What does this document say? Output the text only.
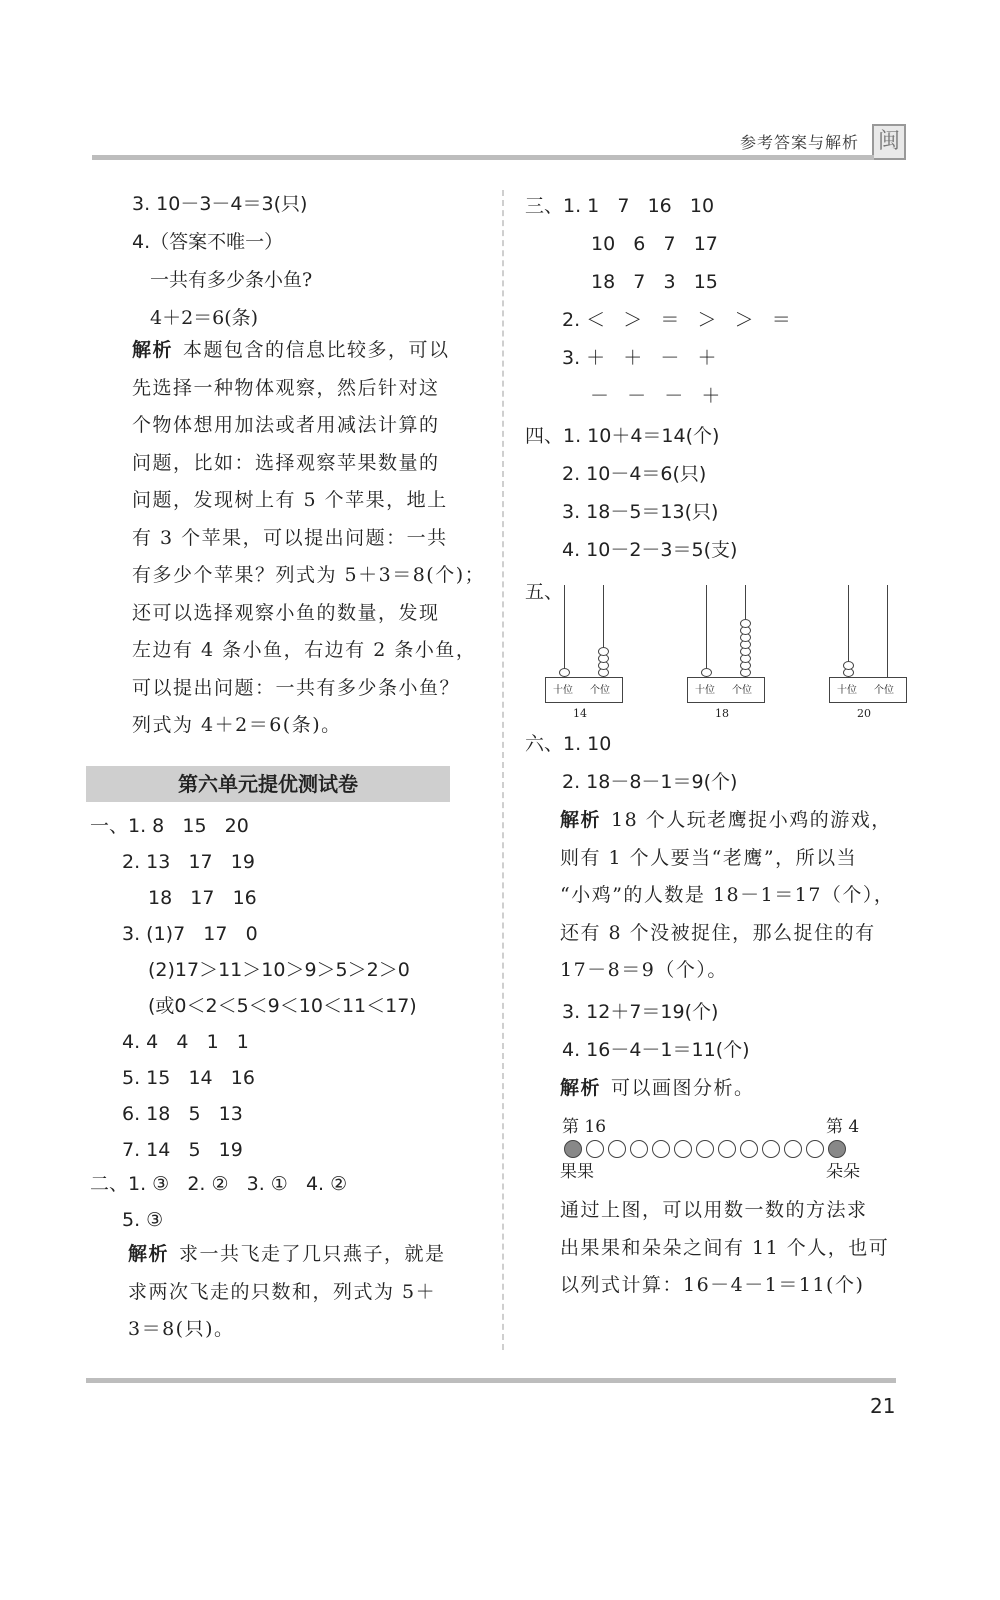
参考答案与解析 闽
3. 10－3－4＝3(只)
4.（答案不唯一）
一共有多少条小鱼?
4＋2＝6(条)
解析 本题包含的信息比较多，可以
先选择一种物体观察，然后针对这
个物体想用加法或者用减法计算的
问题，比如：选择观察苹果数量的
问题，发现树上有 5 个苹果，地上
有 3 个苹果，可以提出问题：一共
有多少个苹果？列式为 5＋3＝8(个)；
还可以选择观察小鱼的数量，发现
左边有 4 条小鱼，右边有 2 条小鱼，
可以提出问题：一共有多少条小鱼？
列式为 4＋2＝6(条)。
第六单元提优测试卷
一、1. 8   15   20
2. 13   17   19
18   17   16
3. (1)7   17   0
(2)17＞11＞10＞9＞5＞2＞0
(或0＜2＜5＜9＜10＜11＜17)
4. 4   4   1   1
5. 15   14   16
6. 18   5   13
7. 14   5   19
二、1. ③   2. ②   3. ①   4. ②
5. ③
解析 求一共飞走了几只燕子，就是
求两次飞走的只数和，列式为 5＋
3＝8(只)。
三、1. 1   7   16   10
10   6   7   17
18   7   3   15
2. ＜   ＞   ＝   ＞   ＞   ＝
3. ＋   ＋   －   ＋
－   －   －   ＋
四、1. 10＋4＝14(个)
2. 10－4＝6(只)
3. 18－5＝13(只)
4. 10－2－3＝5(支)
五、
十位 个位
14
十位 个位
18
十位 个位
20
六、1. 10
2. 18－8－1＝9(个)
解析 18 个人玩老鹰捉小鸡的游戏，
则有 1 个人要当“老鹰”，所以当
“小鸡”的人数是 18－1＝17（个），
还有 8 个没被捉住，那么捉住的有
17－8＝9（个）。
3. 12＋7＝19(个)
4. 16－4－1＝11(个)
解析 可以画图分析。
第 16	第 4
果果	朵朵
通过上图，可以用数一数的方法求
出果果和朵朵之间有 11 个人，也可
以列式计算：16－4－1＝11(个)
21
